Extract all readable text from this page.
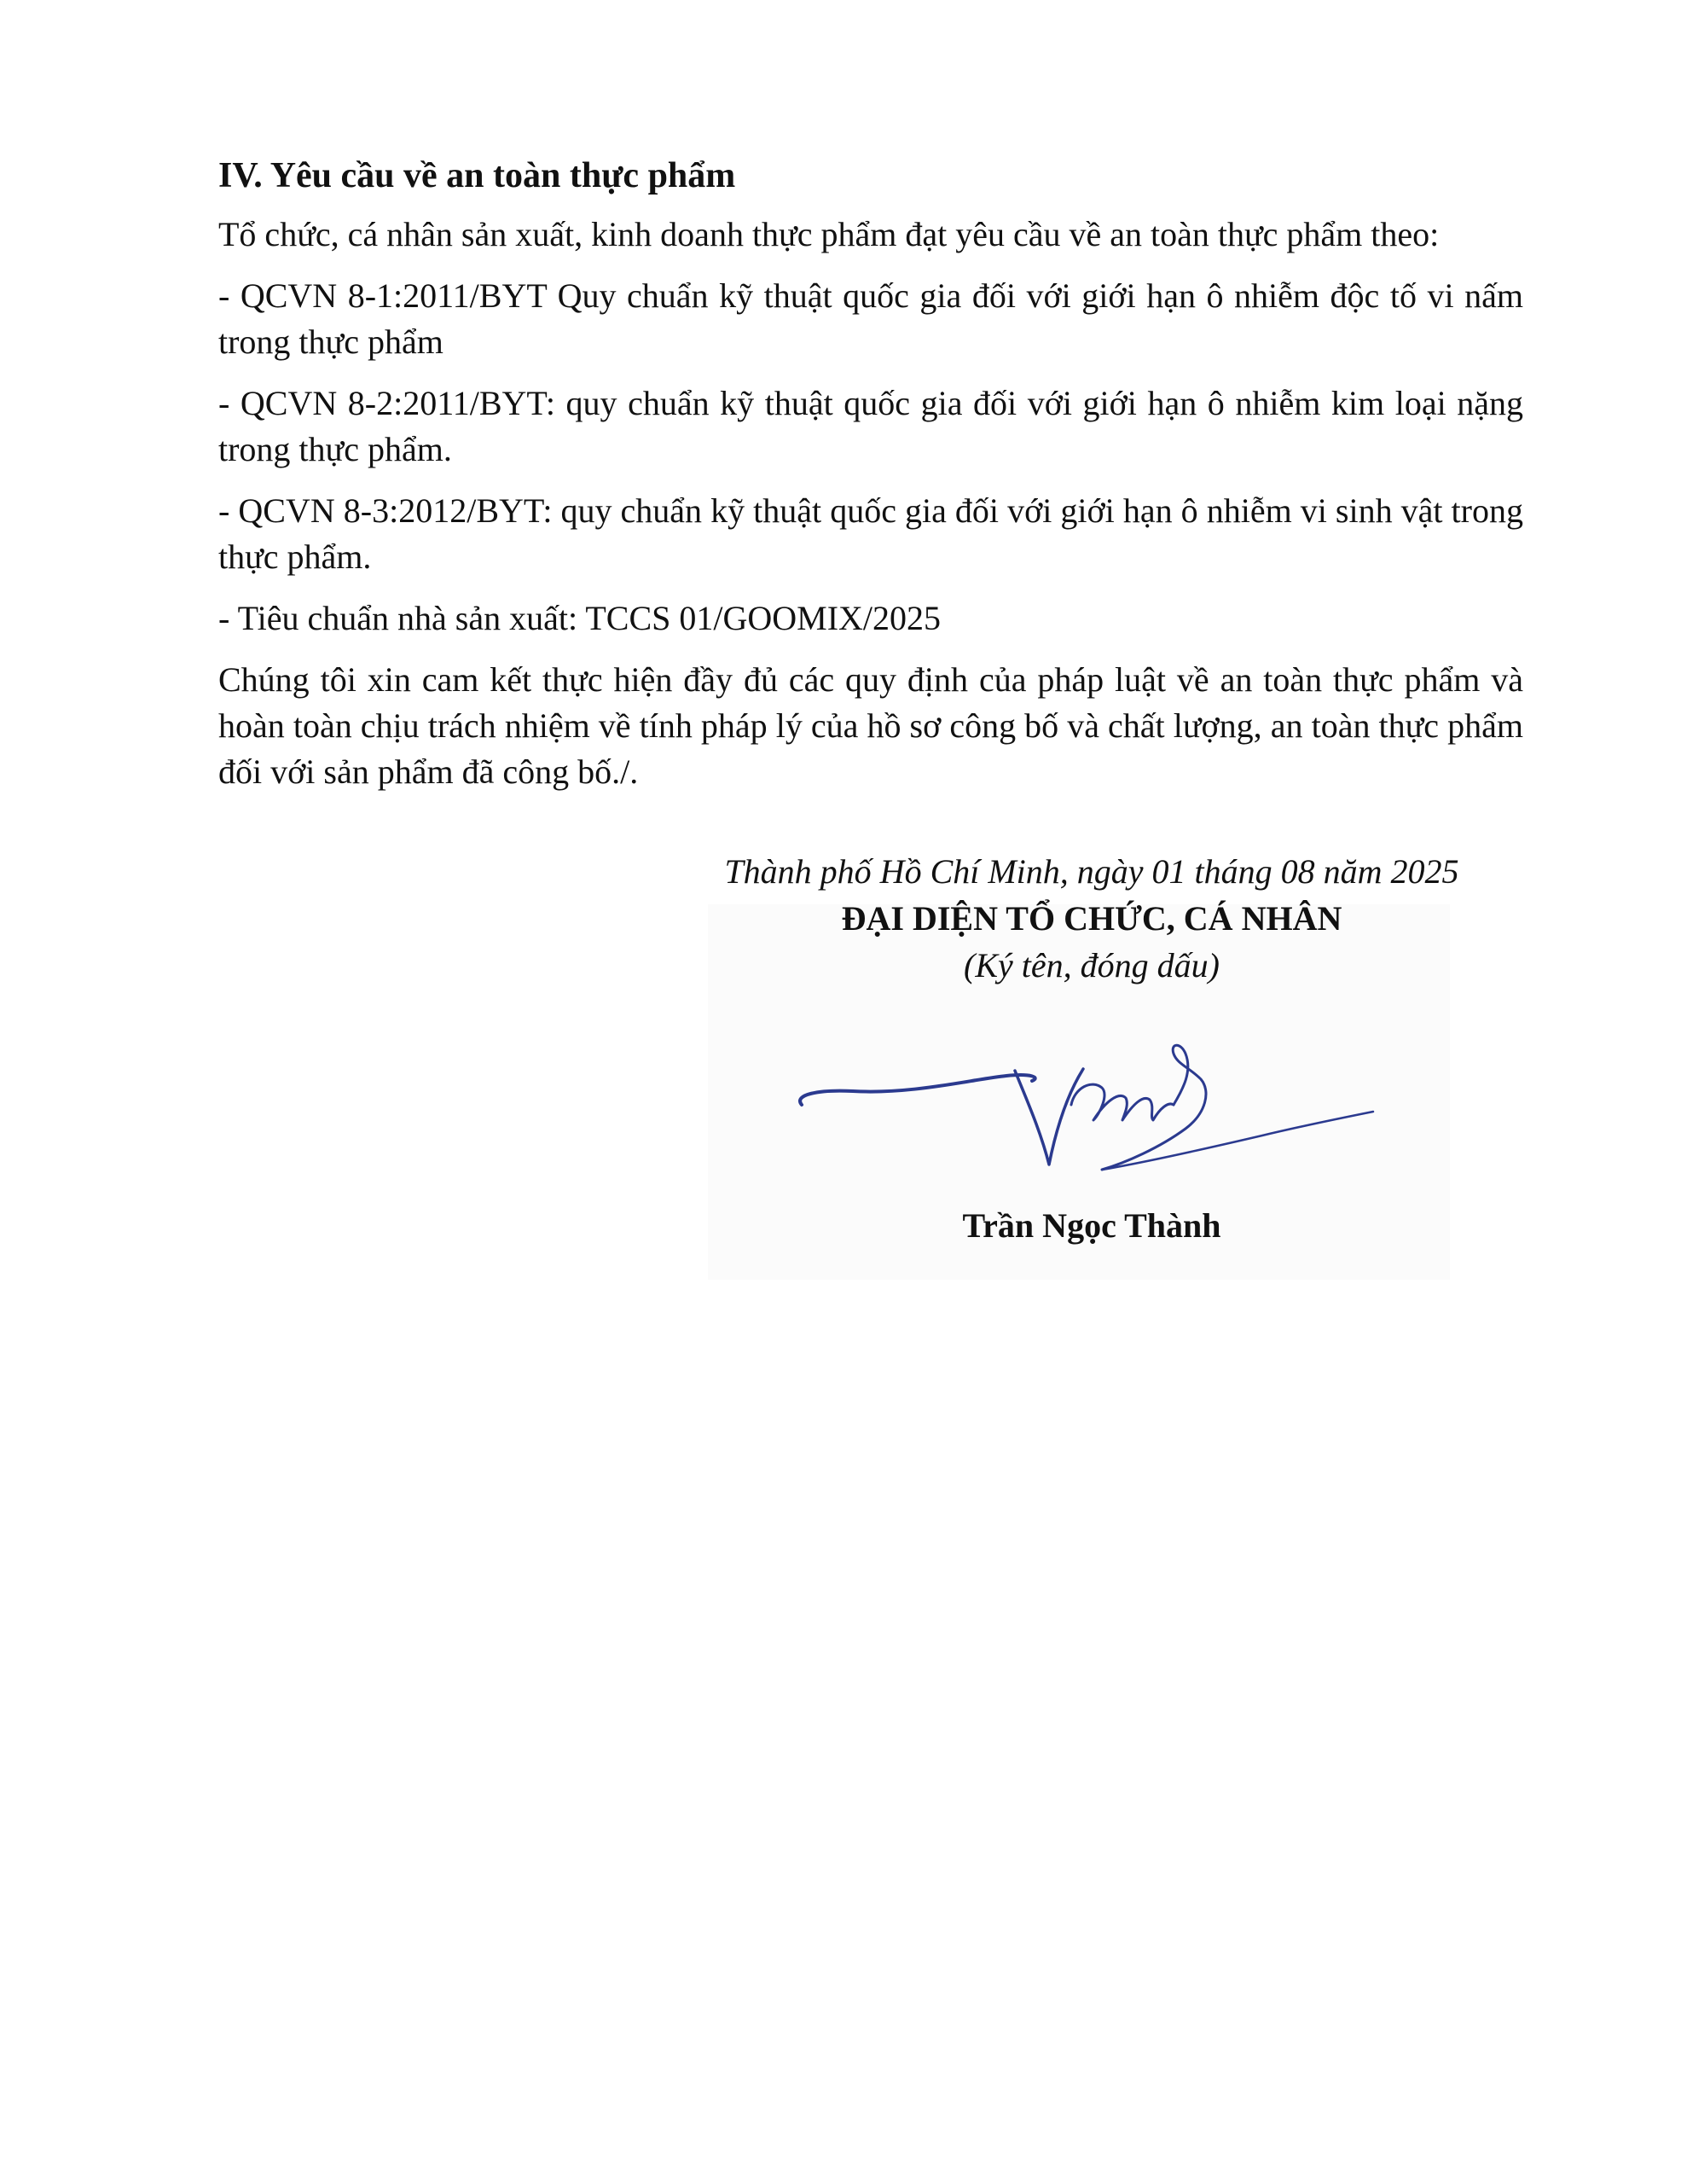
IV. Yêu cầu về an toàn thực phẩm

Tổ chức, cá nhân sản xuất, kinh doanh thực phẩm đạt yêu cầu về an toàn thực phẩm theo:

- QCVN 8-1:2011/BYT Quy chuẩn kỹ thuật quốc gia đối với giới hạn ô nhiễm độc tố vi nấm trong thực phẩm

- QCVN 8-2:2011/BYT: quy chuẩn kỹ thuật quốc gia đối với giới hạn ô nhiễm kim loại nặng trong thực phẩm.

- QCVN 8-3:2012/BYT: quy chuẩn kỹ thuật quốc gia đối với giới hạn ô nhiễm vi sinh vật trong thực phẩm.

- Tiêu chuẩn nhà sản xuất: TCCS 01/GOOMIX/2025

Chúng tôi xin cam kết thực hiện đầy đủ các quy định của pháp luật về an toàn thực phẩm và hoàn toàn chịu trách nhiệm về tính pháp lý của hồ sơ công bố và chất lượng, an toàn thực phẩm đối với sản phẩm đã công bố./.

Thành phố Hồ Chí Minh, ngày 01 tháng 08 năm 2025
ĐẠI DIỆN TỔ CHỨC, CÁ NHÂN
(Ký tên, đóng dấu)
than
Trần Ngọc Thành
